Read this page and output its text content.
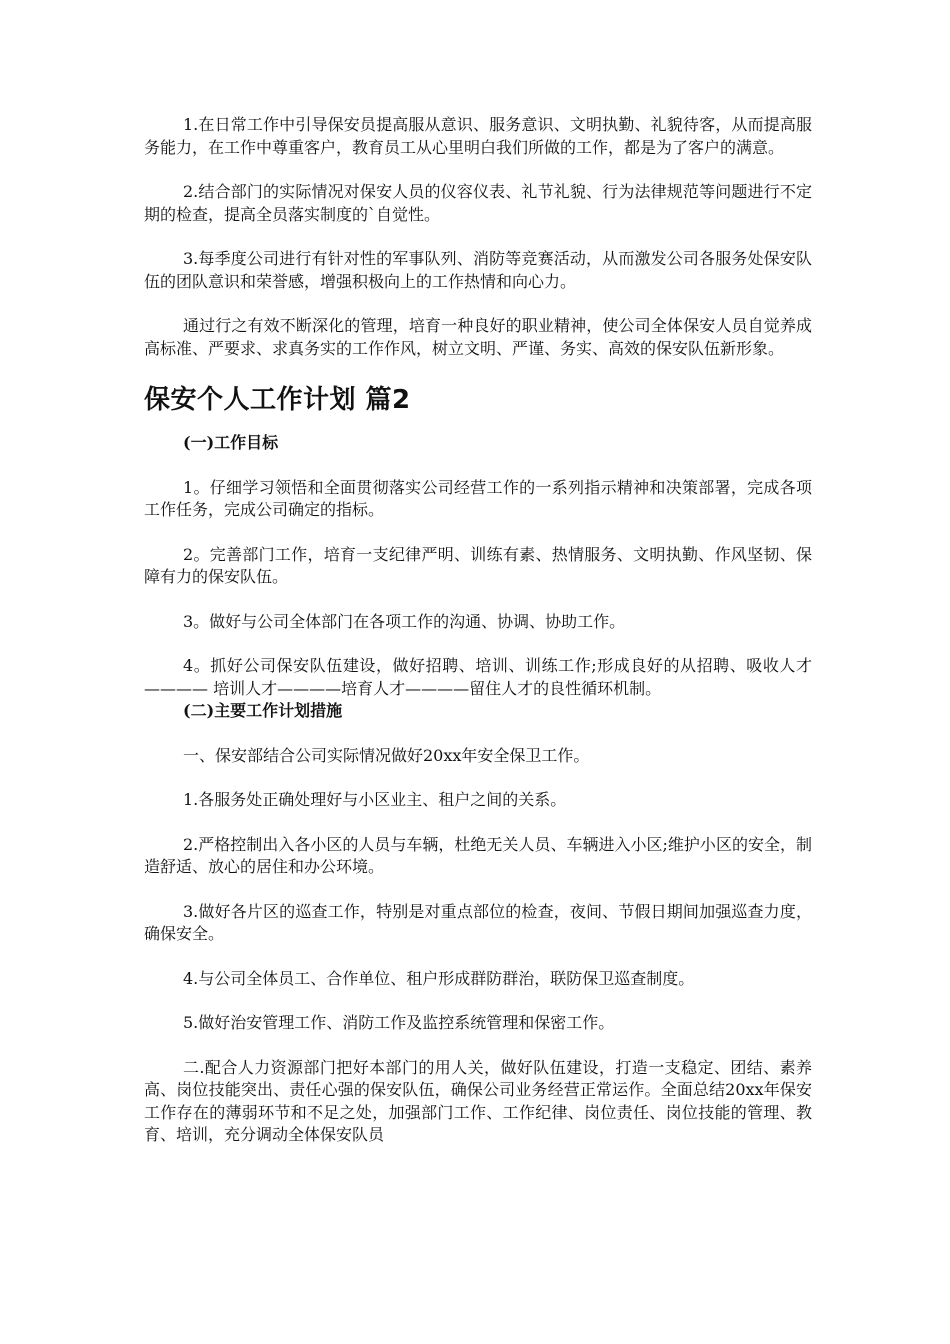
1.在日常工作中引导保安员提高服从意识、服务意识、文明执勤、礼貌待客，从而提高服务能力，在工作中尊重客户，教育员工从心里明白我们所做的工作，都是为了客户的满意。

2.结合部门的实际情况对保安人员的仪容仪表、礼节礼貌、行为法律规范等问题进行不定期的检查，提高全员落实制度的`自觉性。

3.每季度公司进行有针对性的军事队列、消防等竞赛活动，从而激发公司各服务处保安队伍的团队意识和荣誉感，增强积极向上的工作热情和向心力。

通过行之有效不断深化的管理，培育一种良好的职业精神，使公司全体保安人员自觉养成高标准、严要求、求真务实的工作作风，树立文明、严谨、务实、高效的保安队伍新形象。

保安个人工作计划 篇2

(一)工作目标

1。仔细学习领悟和全面贯彻落实公司经营工作的一系列指示精神和决策部署，完成各项工作任务，完成公司确定的指标。

2。完善部门工作，培育一支纪律严明、训练有素、热情服务、文明执勤、作风坚韧、保障有力的保安队伍。

3。做好与公司全体部门在各项工作的沟通、协调、协助工作。

4。抓好公司保安队伍建设，做好招聘、培训、训练工作;形成良好的从招聘、吸收人才———— 培训人才————培育人才————留住人才的良性循环机制。

(二)主要工作计划措施

一、保安部结合公司实际情况做好20xx年安全保卫工作。

1.各服务处正确处理好与小区业主、租户之间的关系。

2.严格控制出入各小区的人员与车辆，杜绝无关人员、车辆进入小区;维护小区的安全，制造舒适、放心的居住和办公环境。

3.做好各片区的巡查工作，特别是对重点部位的检查，夜间、节假日期间加强巡查力度，确保安全。

4.与公司全体员工、合作单位、租户形成群防群治，联防保卫巡查制度。

5.做好治安管理工作、消防工作及监控系统管理和保密工作。

二.配合人力资源部门把好本部门的用人关，做好队伍建设，打造一支稳定、团结、素养高、岗位技能突出、责任心强的保安队伍，确保公司业务经营正常运作。全面总结20xx年保安工作存在的薄弱环节和不足之处，加强部门工作、工作纪律、岗位责任、岗位技能的管理、教育、培训，充分调动全体保安队员
